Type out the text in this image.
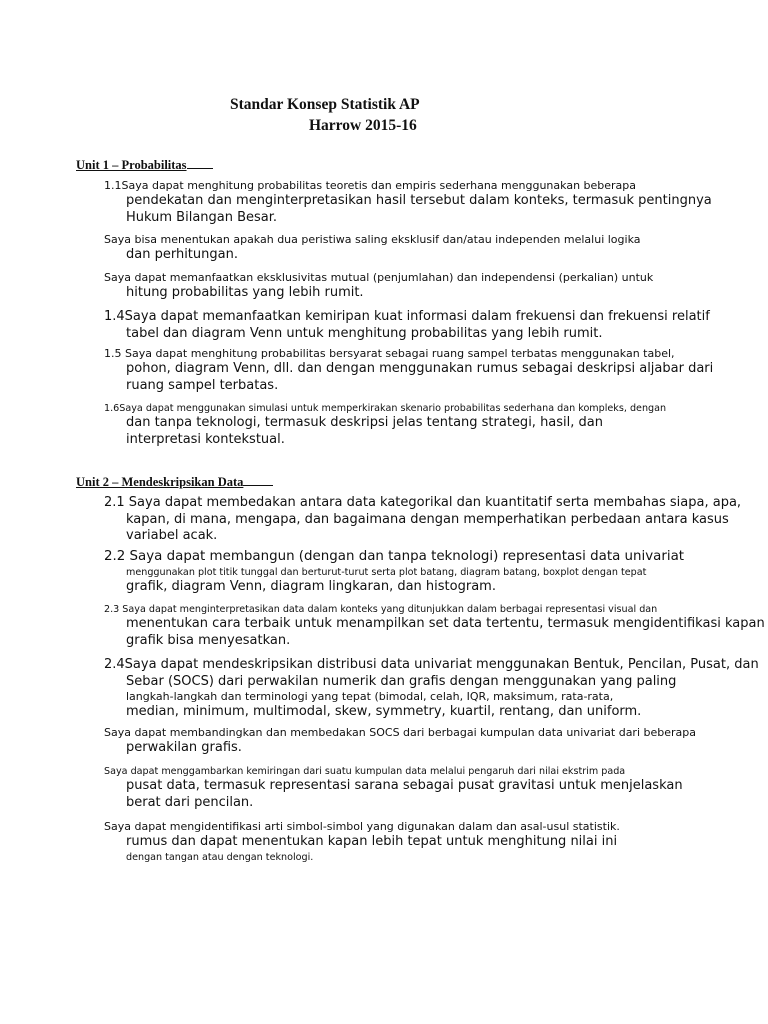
Standar Konsep Statistik AP
Harrow 2015-16
Unit 1 – Probabilitas
1.1Saya dapat menghitung probabilitas teoretis dan empiris sederhana menggunakan beberapa
pendekatan dan menginterpretasikan hasil tersebut dalam konteks, termasuk pentingnya
Hukum Bilangan Besar.
Saya bisa menentukan apakah dua peristiwa saling eksklusif dan/atau independen melalui logika
dan perhitungan.
Saya dapat memanfaatkan eksklusivitas mutual (penjumlahan) dan independensi (perkalian) untuk
hitung probabilitas yang lebih rumit.
1.4Saya dapat memanfaatkan kemiripan kuat informasi dalam frekuensi dan frekuensi relatif
tabel dan diagram Venn untuk menghitung probabilitas yang lebih rumit.
1.5 Saya dapat menghitung probabilitas bersyarat sebagai ruang sampel terbatas menggunakan tabel,
pohon, diagram Venn, dll. dan dengan menggunakan rumus sebagai deskripsi aljabar dari
ruang sampel terbatas.
1.6Saya dapat menggunakan simulasi untuk memperkirakan skenario probabilitas sederhana dan kompleks, dengan
dan tanpa teknologi, termasuk deskripsi jelas tentang strategi, hasil, dan
interpretasi kontekstual.
Unit 2 – Mendeskripsikan Data
2.1 Saya dapat membedakan antara data kategorikal dan kuantitatif serta membahas siapa, apa,
kapan, di mana, mengapa, dan bagaimana dengan memperhatikan perbedaan antara kasus
variabel acak.
2.2 Saya dapat membangun (dengan dan tanpa teknologi) representasi data univariat
menggunakan plot titik tunggal dan berturut-turut serta plot batang, diagram batang, boxplot dengan tepat
grafik, diagram Venn, diagram lingkaran, dan histogram.
2.3 Saya dapat menginterpretasikan data dalam konteks yang ditunjukkan dalam berbagai representasi visual dan
menentukan cara terbaik untuk menampilkan set data tertentu, termasuk mengidentifikasi kapan
grafik bisa menyesatkan.
2.4Saya dapat mendeskripsikan distribusi data univariat menggunakan Bentuk, Pencilan, Pusat, dan
Sebar (SOCS) dari perwakilan numerik dan grafis dengan menggunakan yang paling
langkah-langkah dan terminologi yang tepat (bimodal, celah, IQR, maksimum, rata-rata,
median, minimum, multimodal, skew, symmetry, kuartil, rentang, dan uniform.
Saya dapat membandingkan dan membedakan SOCS dari berbagai kumpulan data univariat dari beberapa
perwakilan grafis.
Saya dapat menggambarkan kemiringan dari suatu kumpulan data melalui pengaruh dari nilai ekstrim pada
pusat data, termasuk representasi sarana sebagai pusat gravitasi untuk menjelaskan
berat dari pencilan.
Saya dapat mengidentifikasi arti simbol-simbol yang digunakan dalam dan asal-usul statistik.
rumus dan dapat menentukan kapan lebih tepat untuk menghitung nilai ini
dengan tangan atau dengan teknologi.
